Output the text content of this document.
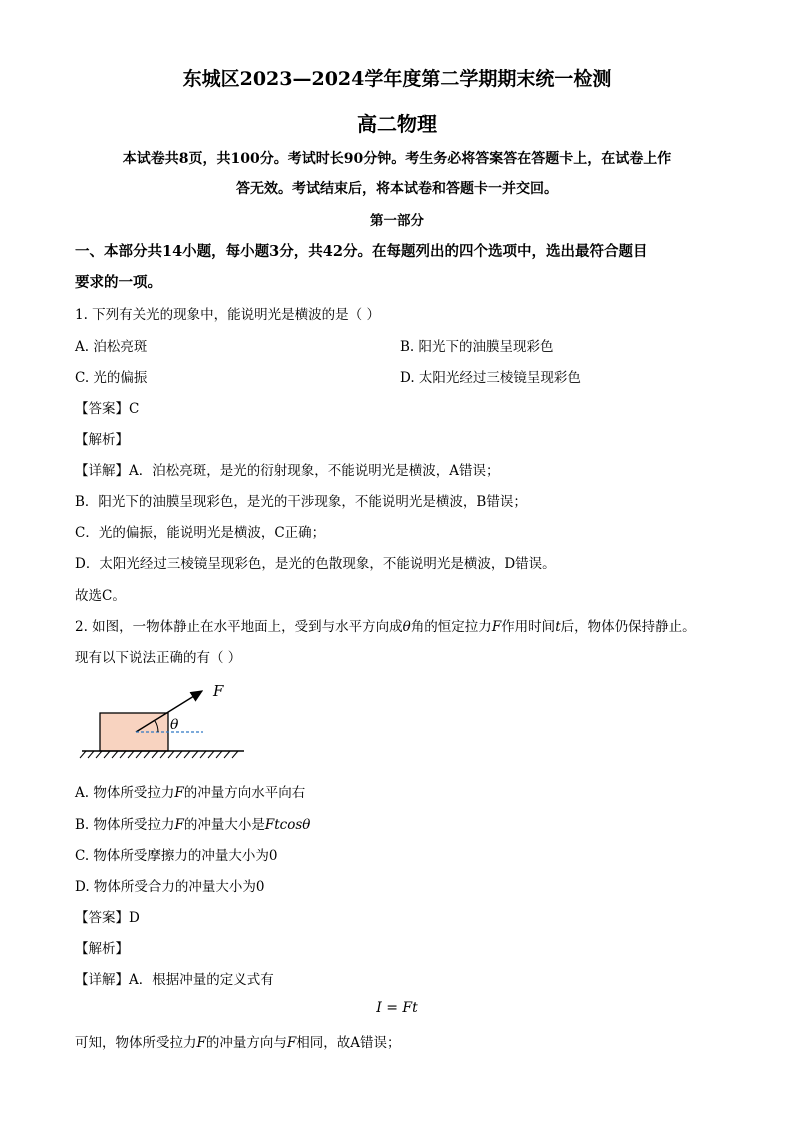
东城区2023—2024学年度第二学期期末统一检测
高二物理
本试卷共8页，共100分。考试时长90分钟。考生务必将答案答在答题卡上，在试卷上作
答无效。考试结束后，将本试卷和答题卡一并交回。
第一部分
一、本部分共14小题，每小题3分，共42分。在每题列出的四个选项中，选出最符合题目
要求的一项。
1. 下列有关光的现象中，能说明光是横波的是（ ）
A. 泊松亮斑	B. 阳光下的油膜呈现彩色
C. 光的偏振	D. 太阳光经过三棱镜呈现彩色
【答案】C
【解析】
【详解】A．泊松亮斑，是光的衍射现象，不能说明光是横波，A错误；
B．阳光下的油膜呈现彩色，是光的干涉现象，不能说明光是横波，B错误；
C．光的偏振，能说明光是横波，C正确；
D．太阳光经过三棱镜呈现彩色，是光的色散现象，不能说明光是横波，D错误。
故选C。
2. 如图，一物体静止在水平地面上，受到与水平方向成θ角的恒定拉力F作用时间t后，物体仍保持静止。
现有以下说法正确的有（ ）
F
θ
A. 物体所受拉力F的冲量方向水平向右
B. 物体所受拉力F的冲量大小是Ftcosθ
C. 物体所受摩擦力的冲量大小为0
D. 物体所受合力的冲量大小为0
【答案】D
【解析】
【详解】A．根据冲量的定义式有
I = Ft
可知，物体所受拉力F的冲量方向与F相同，故A错误；
